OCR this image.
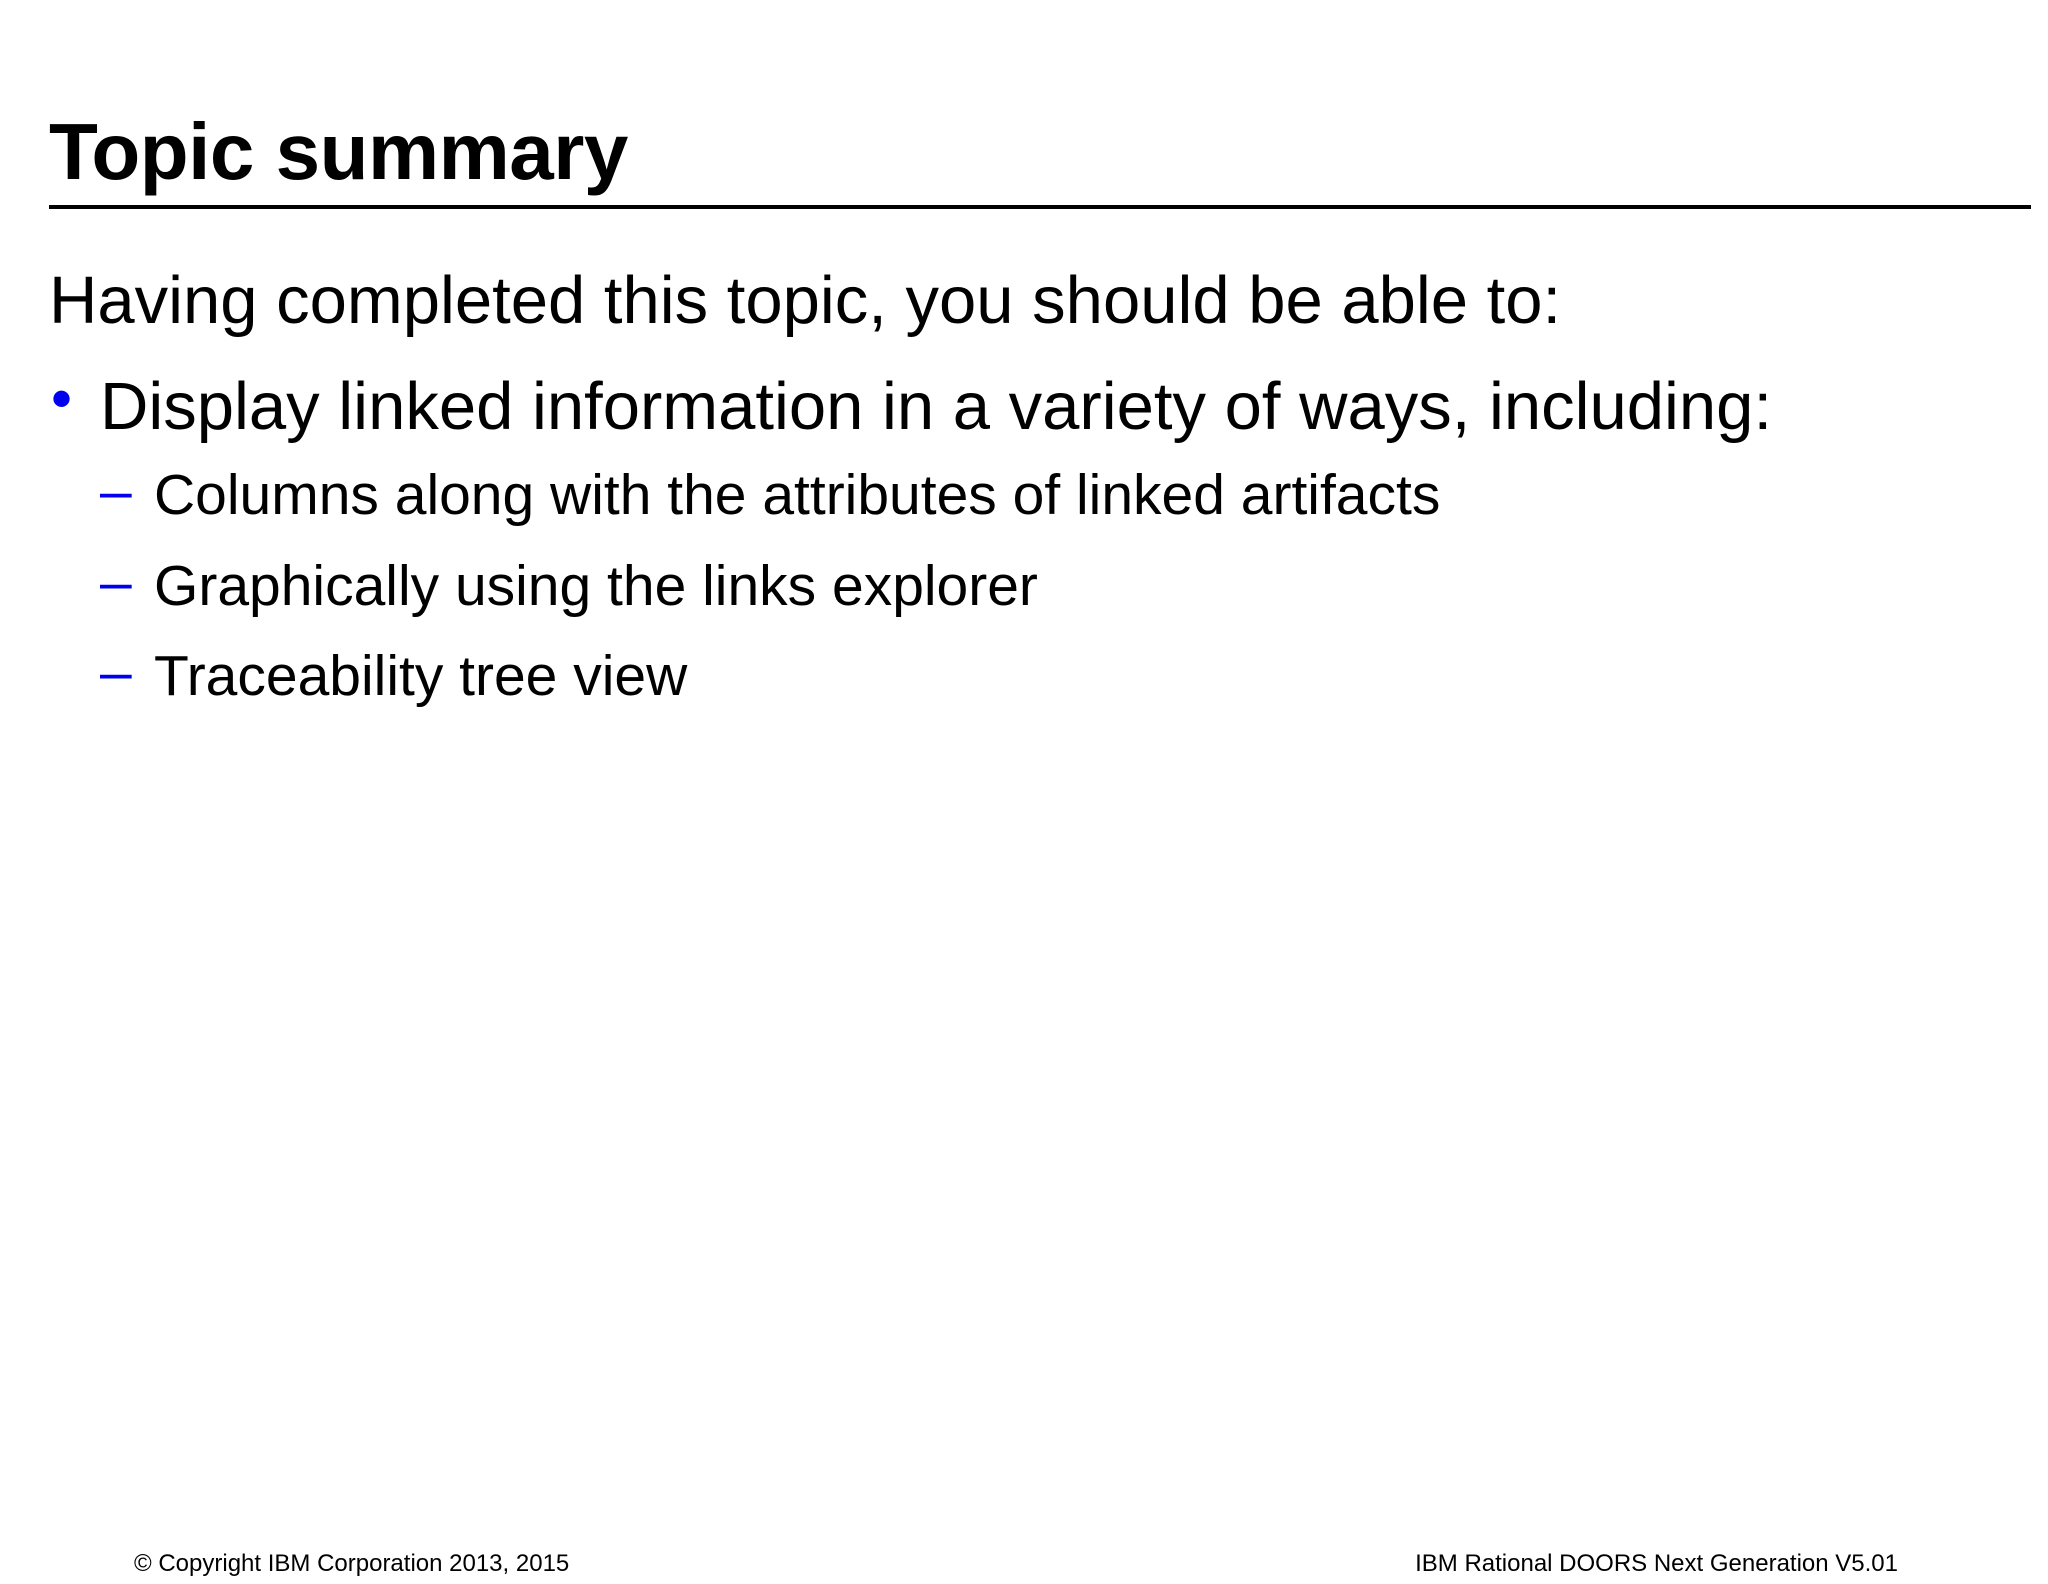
Topic summary

Having completed this topic, you should be able to:

• Display linked information in a variety of ways, including:
– Columns along with the attributes of linked artifacts
– Graphically using the links explorer
– Traceability tree view
© Copyright IBM Corporation 2013, 2015	IBM Rational DOORS Next Generation V5.01
